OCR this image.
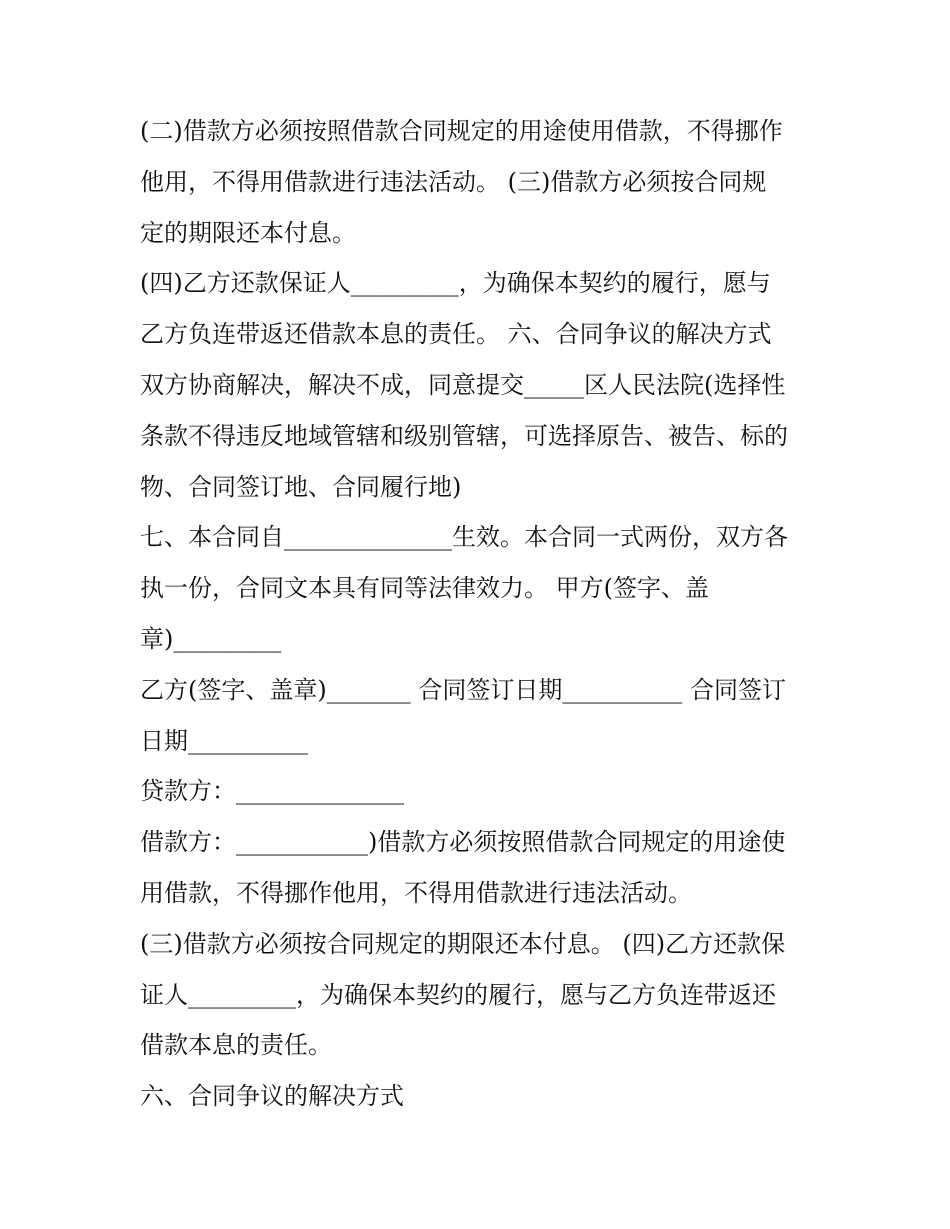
(二)借款方必须按照借款合同规定的用途使用借款，不得挪作
他用，不得用借款进行违法活动。 (三)借款方必须按合同规
定的期限还本付息。
(四)乙方还款保证人_________，为确保本契约的履行，愿与
乙方负连带返还借款本息的责任。 六、合同争议的解决方式
双方协商解决，解决不成，同意提交_____区人民法院(选择性
条款不得违反地域管辖和级别管辖，可选择原告、被告、标的
物、合同签订地、合同履行地)
七、本合同自______________生效。本合同一式两份，双方各
执一份，合同文本具有同等法律效力。 甲方(签字、盖
章)_________
乙方(签字、盖章)_______ 合同签订日期__________ 合同签订
日期__________
贷款方：______________
借款方：___________)借款方必须按照借款合同规定的用途使
用借款，不得挪作他用，不得用借款进行违法活动。
(三)借款方必须按合同规定的期限还本付息。 (四)乙方还款保
证人_________，为确保本契约的履行，愿与乙方负连带返还
借款本息的责任。
六、合同争议的解决方式
